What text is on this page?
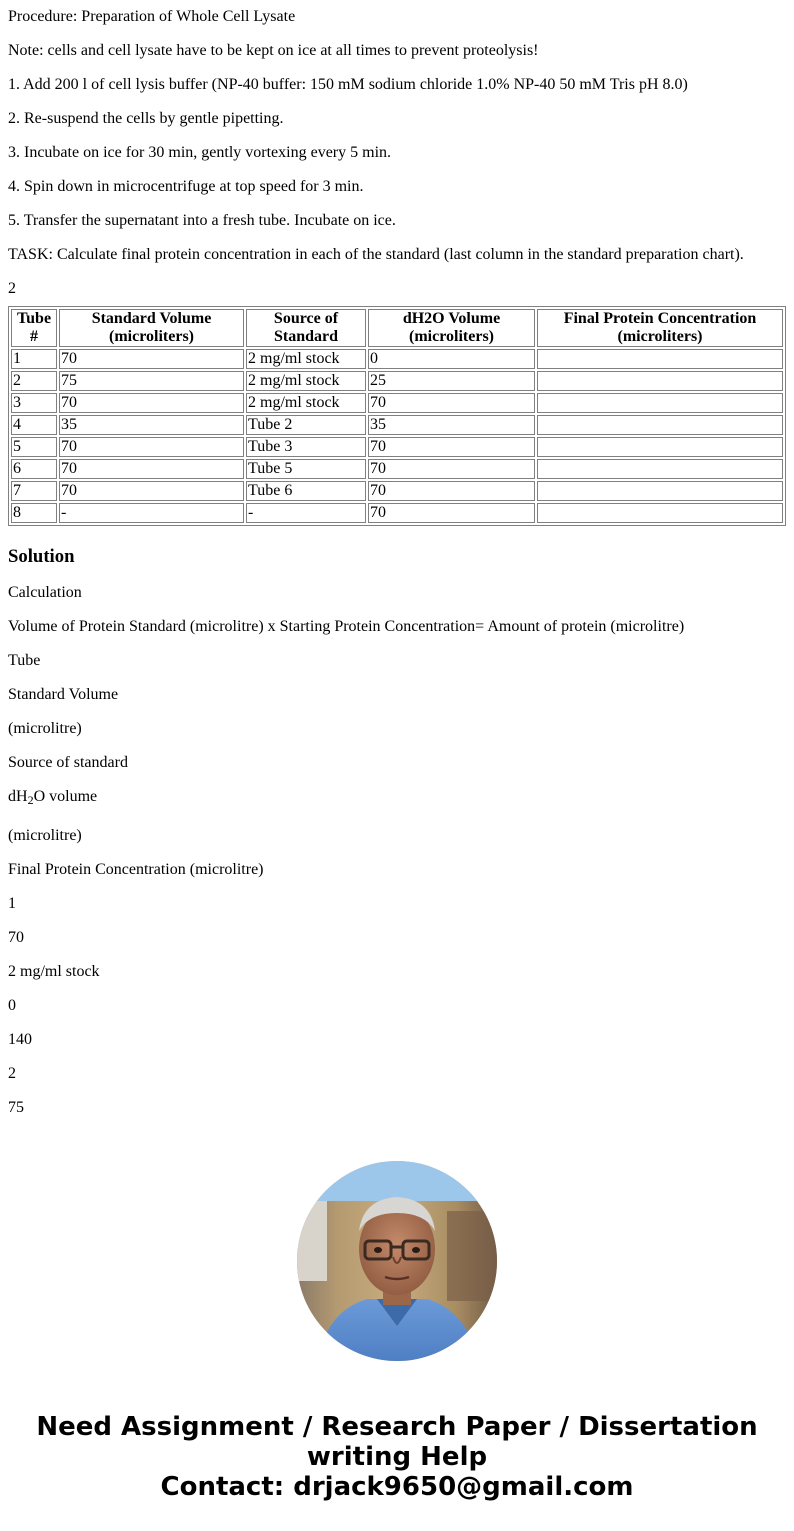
Procedure: Preparation of Whole Cell Lysate

Note: cells and cell lysate have to be kept on ice at all times to prevent proteolysis!

1. Add 200 l of cell lysis buffer (NP-40 buffer: 150 mM sodium chloride 1.0% NP-40 50 mM Tris pH 8.0)

2. Re-suspend the cells by gentle pipetting.

3. Incubate on ice for 30 min, gently vortexing every 5 min.

4. Spin down in microcentrifuge at top speed for 3 min.

5. Transfer the supernatant into a fresh tube. Incubate on ice.

TASK: Calculate final protein concentration in each of the standard (last column in the standard preparation chart).

2

Tube #	Standard Volume (microliters)	Source of Standard	dH2O Volume (microliters)	Final Protein Concentration (microliters)
1	70	2 mg/ml stock	0	
2	75	2 mg/ml stock	25	
3	70	2 mg/ml stock	70	
4	35	Tube 2	35	
5	70	Tube 3	70	
6	70	Tube 5	70	
7	70	Tube 6	70	
8	-	-	70	
Solution

Calculation

Volume of Protein Standard (microlitre) x Starting Protein Concentration= Amount of protein (microlitre)

Tube

Standard Volume

(microlitre)

Source of standard

$dH_2O$ volume

(microlitre)

Final Protein Concentration (microlitre)

1

70

2 mg/ml stock

0

140

2

75

Need Assignment / Research Paper / Dissertation
writing Help
Contact: drjack9650@gmail.com
